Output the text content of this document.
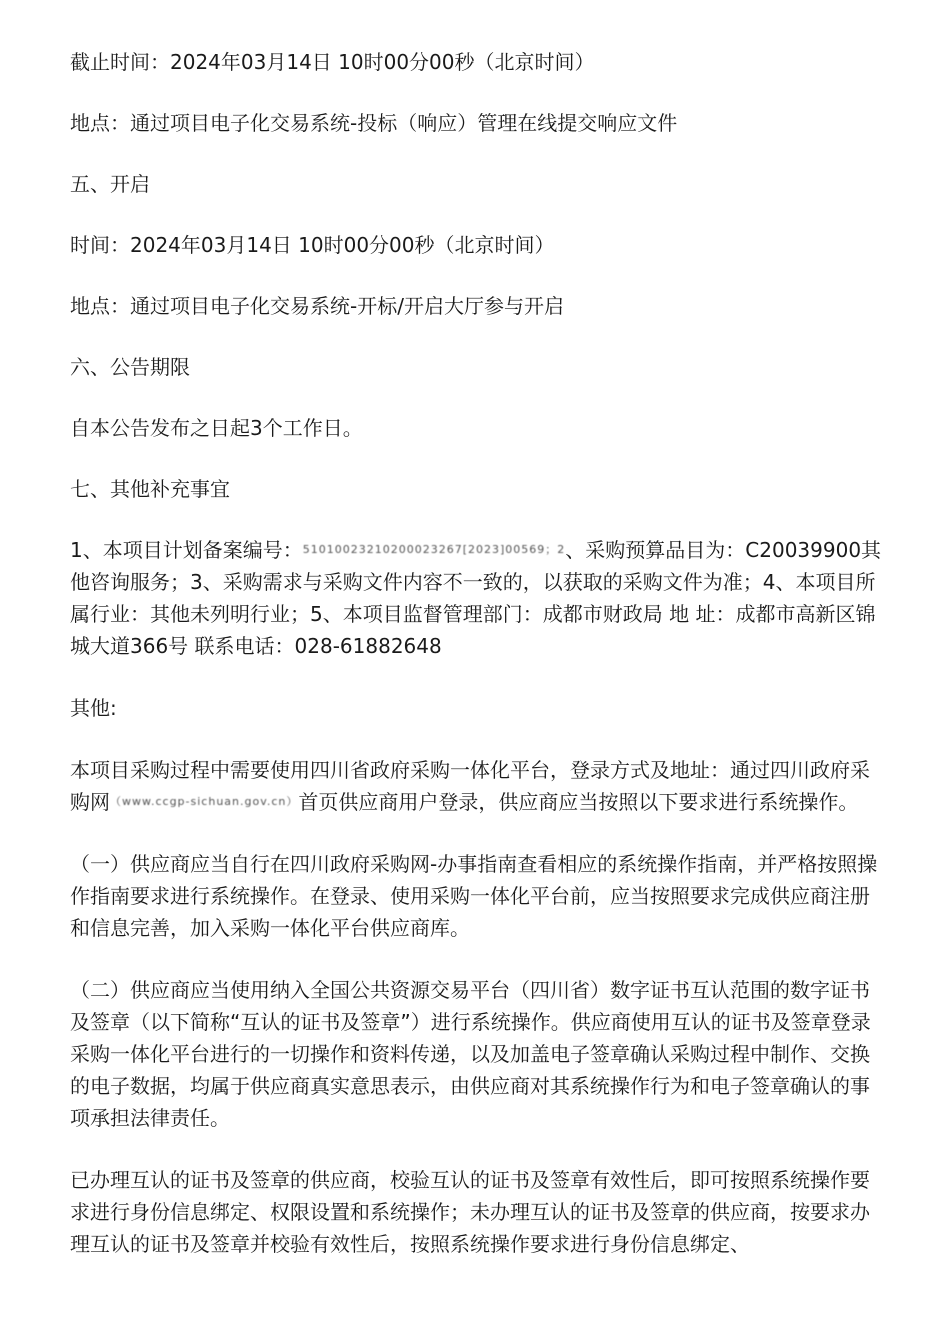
截止时间：2024年03月14日 10时00分00秒（北京时间）

地点：通过项目电子化交易系统-投标（响应）管理在线提交响应文件

五、开启

时间：2024年03月14日 10时00分00秒（北京时间）

地点：通过项目电子化交易系统-开标/开启大厅参与开启

六、公告期限

自本公告发布之日起3个工作日。

七、其他补充事宜

1、本项目计划备案编号：51010023210200023267[2023]00569；2、采购预算品目为：C20039900其他咨询服务；3、采购需求与采购文件内容不一致的，以获取的采购文件为准；4、本项目所属行业：其他未列明行业；5、本项目监督管理部门：成都市财政局 地 址：成都市高新区锦城大道366号 联系电话：028-61882648

其他:

本项目采购过程中需要使用四川省政府采购一体化平台，登录方式及地址：通过四川政府采购网（www.ccgp-sichuan.gov.cn）首页供应商用户登录，供应商应当按照以下要求进行系统操作。

（一）供应商应当自行在四川政府采购网-办事指南查看相应的系统操作指南，并严格按照操作指南要求进行系统操作。在登录、使用采购一体化平台前，应当按照要求完成供应商注册和信息完善，加入采购一体化平台供应商库。

（二）供应商应当使用纳入全国公共资源交易平台（四川省）数字证书互认范围的数字证书及签章（以下简称“互认的证书及签章”）进行系统操作。供应商使用互认的证书及签章登录采购一体化平台进行的一切操作和资料传递，以及加盖电子签章确认采购过程中制作、交换的电子数据，均属于供应商真实意思表示，由供应商对其系统操作行为和电子签章确认的事项承担法律责任。

已办理互认的证书及签章的供应商，校验互认的证书及签章有效性后，即可按照系统操作要求进行身份信息绑定、权限设置和系统操作；未办理互认的证书及签章的供应商，按要求办理互认的证书及签章并校验有效性后，按照系统操作要求进行身份信息绑定、
